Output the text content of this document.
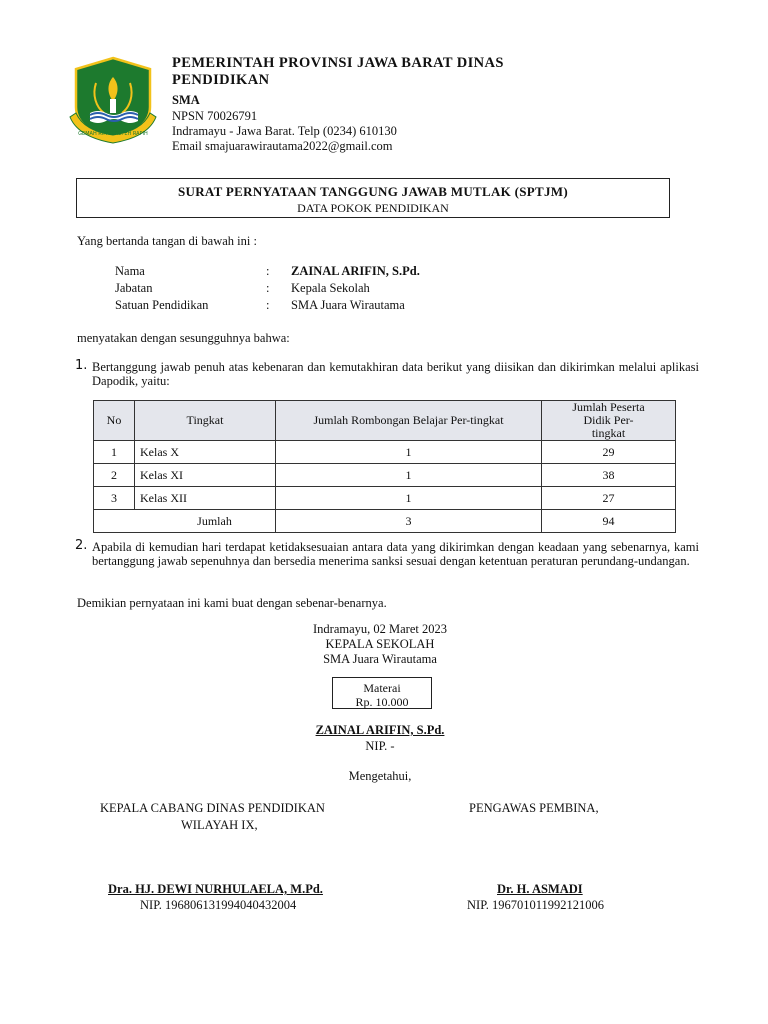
GEMAH RIPAH REPEH RAPIH
PEMERINTAH PROVINSI JAWA BARAT DINAS PENDIDIKAN
SMA
NPSN 70026791
Indramayu - Jawa Barat. Telp (0234) 610130
Email smajuarawirautama2022@gmail.com
SURAT PERNYATAAN TANGGUNG JAWAB MUTLAK (SPTJM)
DATA POKOK PENDIDIKAN
Yang bertanda tangan di bawah ini :
Nama	: ZAINAL ARIFIN, S.Pd.
Jabatan	: Kepala Sekolah
Satuan Pendidikan	: SMA Juara Wirautama
menyatakan dengan sesungguhnya bahwa:
1. Bertanggung jawab penuh atas kebenaran dan kemutakhiran data berikut yang diisikan dan dikirimkan melalui aplikasi Dapodik, yaitu:
No	Tingkat	Jumlah Rombongan Belajar Per-tingkat	Jumlah Peserta Didik Per-tingkat
1	Kelas X	1	29
2	Kelas XI	1	38
3	Kelas XII	1	27
Jumlah		3	94
2. Apabila di kemudian hari terdapat ketidaksesuaian antara data yang dikirimkan dengan keadaan yang sebenarnya, kami bertanggung jawab sepenuhnya dan bersedia menerima sanksi sesuai dengan ketentuan peraturan perundang-undangan.
Demikian pernyataan ini kami buat dengan sebenar-benarnya.
Indramayu, 02 Maret 2023
KEPALA SEKOLAH
SMA Juara Wirautama
Materai
Rp. 10.000
ZAINAL ARIFIN, S.Pd.
NIP. -
Mengetahui,
KEPALA CABANG DINAS PENDIDIKAN
WILAYAH IX,
Dra. HJ. DEWI NURHULAELA, M.Pd.
NIP. 196806131994040432004
PENGAWAS PEMBINA,
Dr. H. ASMADI
NIP. 196701011992121006
